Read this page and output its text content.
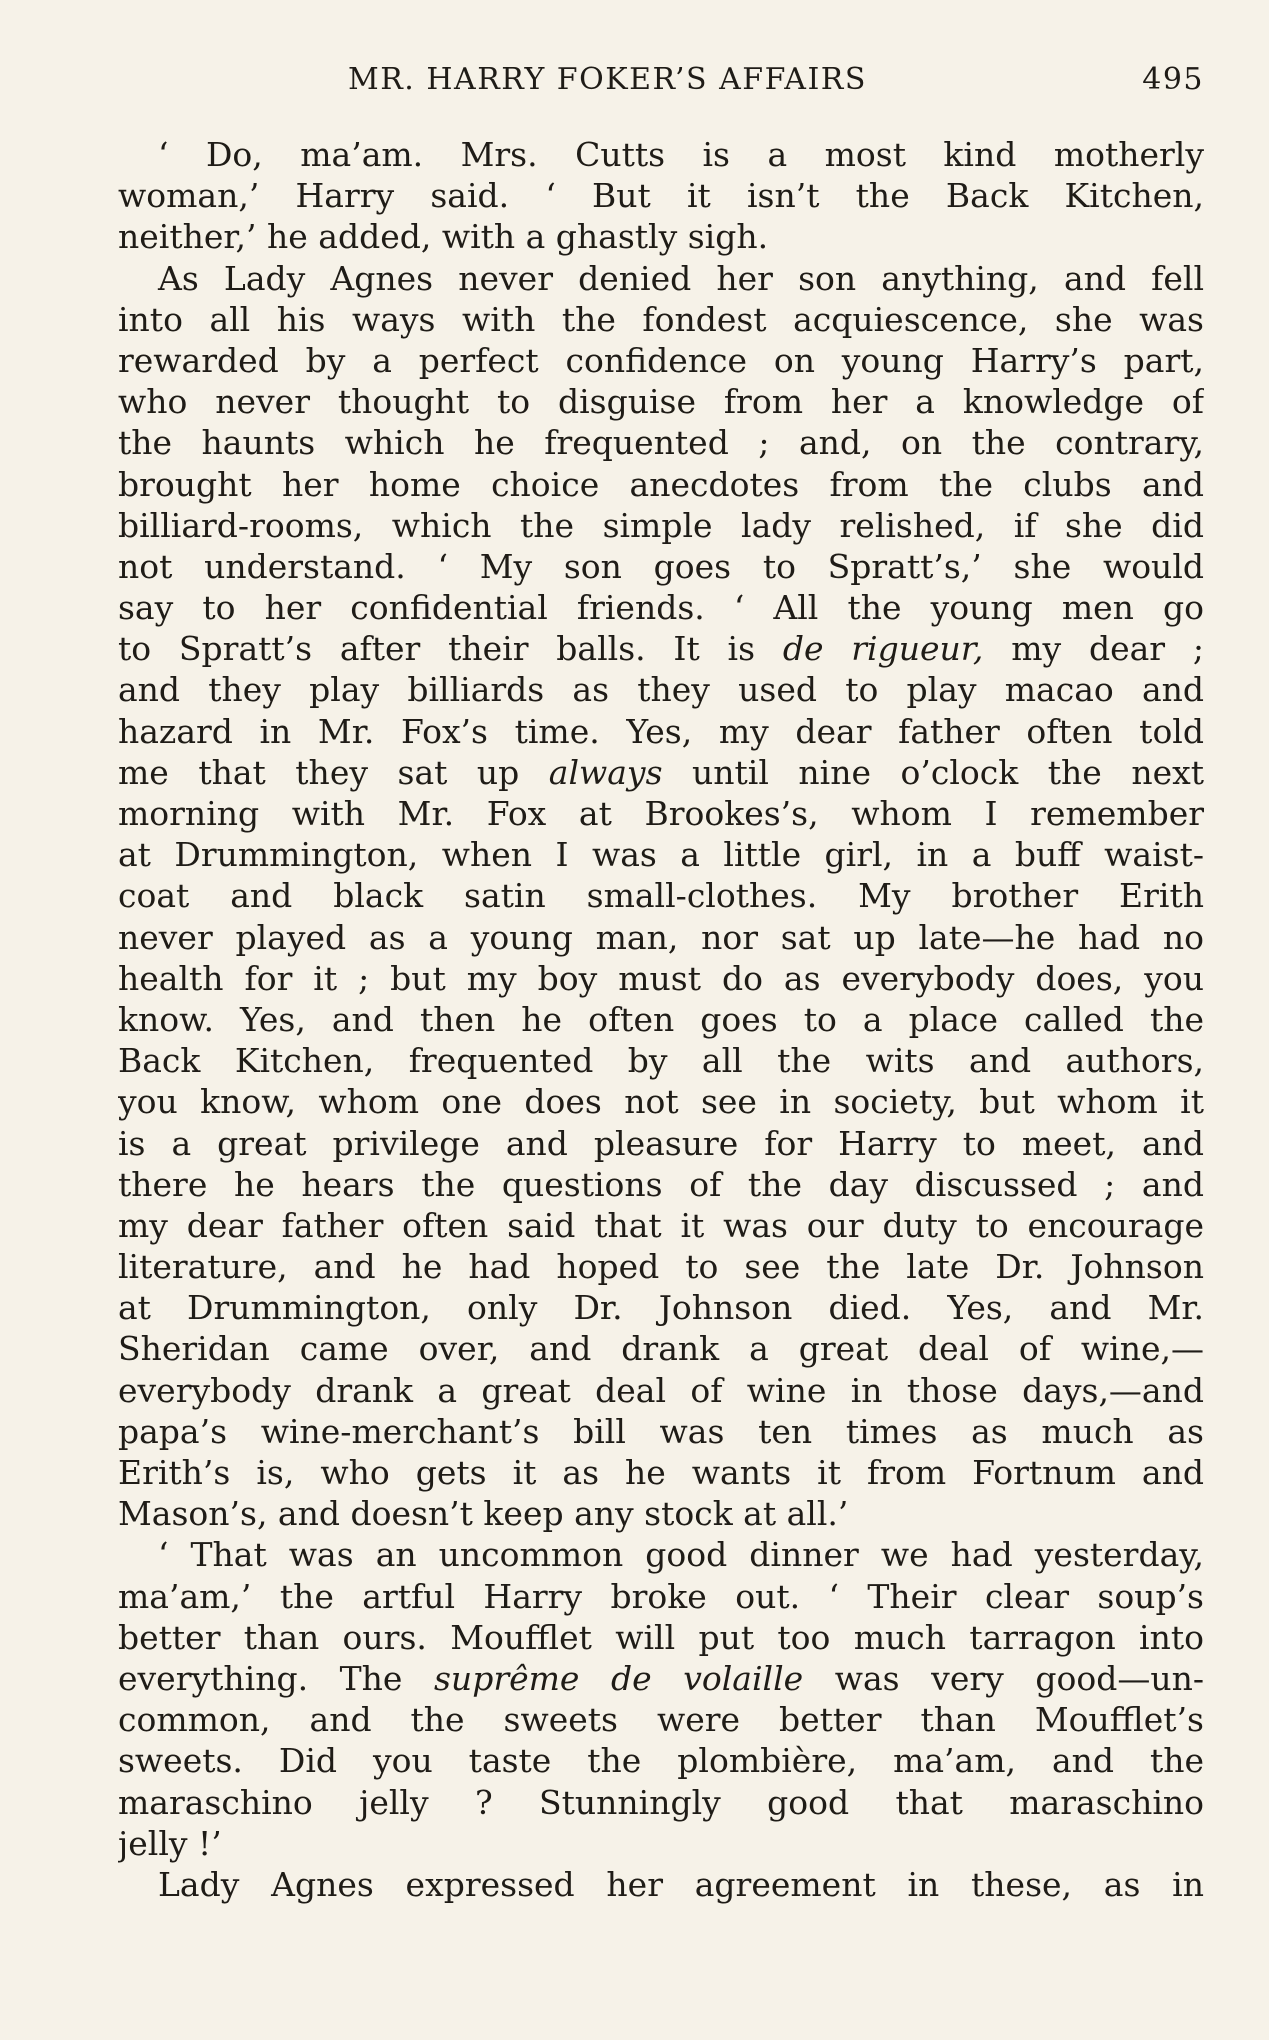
MR. HARRY FOKER’S AFFAIRS	495
‘ Do, ma’am. Mrs. Cutts is a most kind motherly
woman,’ Harry said. ‘ But it isn’t the Back Kitchen,
neither,’ he added, with a ghastly sigh.
As Lady Agnes never denied her son anything, and fell
into all his ways with the fondest acquiescence, she was
rewarded by a perfect confidence on young Harry’s part,
who never thought to disguise from her a knowledge of
the haunts which he frequented ; and, on the contrary,
brought her home choice anecdotes from the clubs and
billiard-rooms, which the simple lady relished, if she did
not understand. ‘ My son goes to Spratt’s,’ she would
say to her confidential friends. ‘ All the young men go
to Spratt’s after their balls. It is de rigueur, my dear ;
and they play billiards as they used to play macao and
hazard in Mr. Fox’s time. Yes, my dear father often told
me that they sat up always until nine o’clock the next
morning with Mr. Fox at Brookes’s, whom I remember
at Drummington, when I was a little girl, in a buff waist-
coat and black satin small-clothes. My brother Erith
never played as a young man, nor sat up late—he had no
health for it ; but my boy must do as everybody does, you
know. Yes, and then he often goes to a place called the
Back Kitchen, frequented by all the wits and authors,
you know, whom one does not see in society, but whom it
is a great privilege and pleasure for Harry to meet, and
there he hears the questions of the day discussed ; and
my dear father often said that it was our duty to encourage
literature, and he had hoped to see the late Dr. Johnson
at Drummington, only Dr. Johnson died. Yes, and Mr.
Sheridan came over, and drank a great deal of wine,—
everybody drank a great deal of wine in those days,—and
papa’s wine-merchant’s bill was ten times as much as
Erith’s is, who gets it as he wants it from Fortnum and
Mason’s, and doesn’t keep any stock at all.’
‘ That was an uncommon good dinner we had yesterday,
ma’am,’ the artful Harry broke out. ‘ Their clear soup’s
better than ours. Moufflet will put too much tarragon into
everything. The suprême de volaille was very good—un-
common, and the sweets were better than Moufflet’s
sweets. Did you taste the plombière, ma’am, and the
maraschino jelly ? Stunningly good that maraschino
jelly !’
Lady Agnes expressed her agreement in these, as in
